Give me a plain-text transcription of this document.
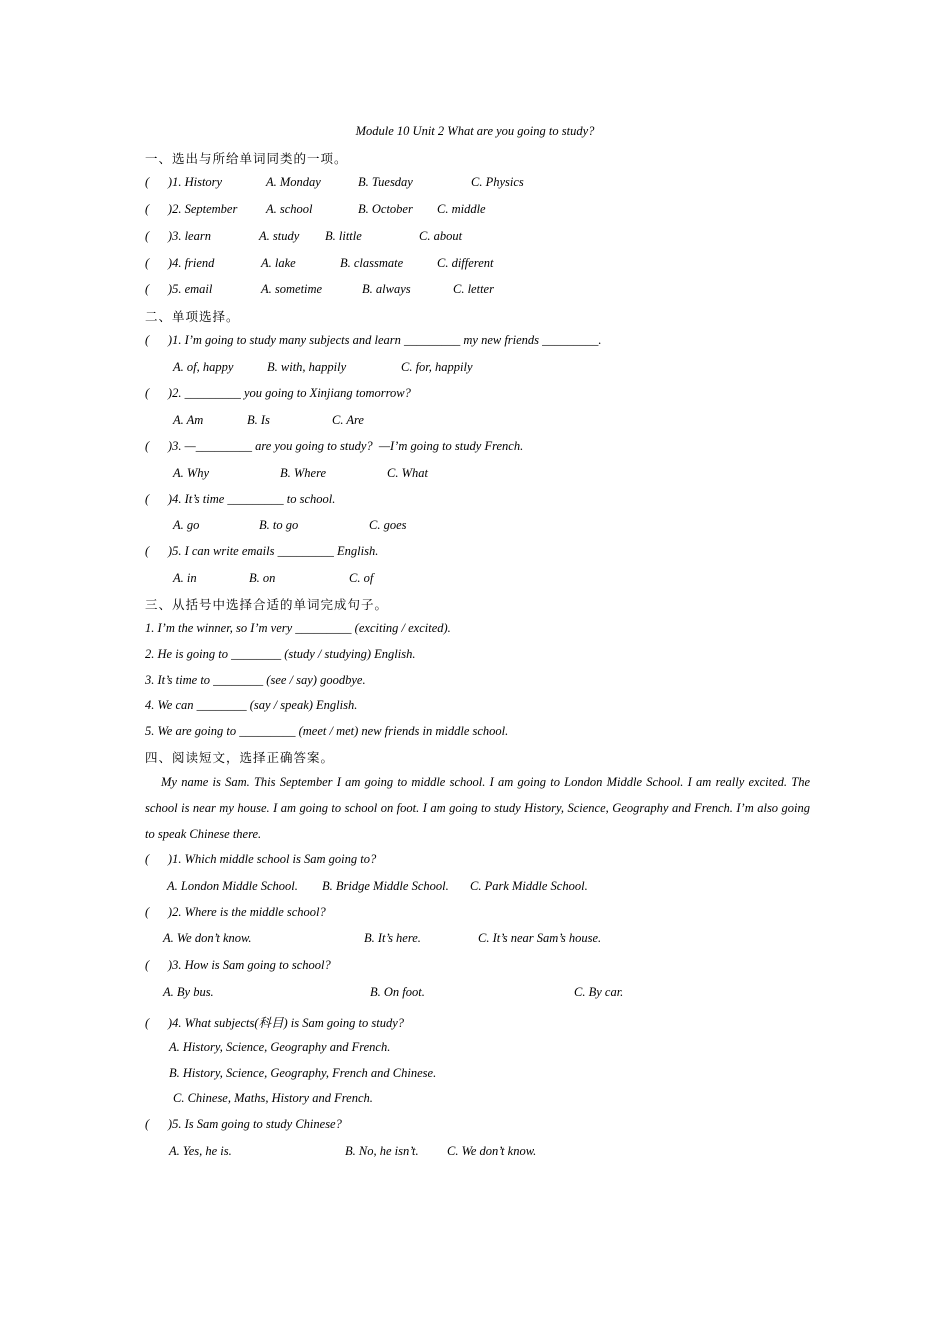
Module 10 Unit 2 What are you going to study?
一、选出与所给单词同类的一项。
(      )1. History	A. Monday	B. Tuesday	C. Physics
(      )2. September A. school	B. October C. middle
(      )3. learn	A. study B. little	C. about
(      )4. friend	A. lake	B. classmate	C. different
(      )5. email	A. sometime	B. always	C. letter
二、单项选择。
(      )1. I’m going to study many subjects and learn _________ my new friends _________.
A. of, happy	B. with, happily	C. for, happily
(      )2. _________ you going to Xinjiang tomorrow?
A. Am	B. Is	C. Are
(      )3. —_________ are you going to study?  —I’m going to study French.
A. Why	B. Where	C. What
(      )4. It’s time _________ to school.
A. go	B. to go	C. goes
(      )5. I can write emails _________ English.
A. in	B. on	C. of
三、从括号中选择合适的单词完成句子。
1. I’m the winner, so I’m very _________ (exciting / excited).
2. He is going to ________ (study / studying) English.
3. It’s time to ________ (see / say) goodbye.
4. We can ________ (say / speak) English.
5. We are going to _________ (meet / met) new friends in middle school.
四、阅读短文，选择正确答案。
My name is Sam. This September I am going to middle school. I am going to London Middle School. I am really excited. The school is near my house. I am going to school on foot. I am going to study History, Science, Geography and French. I’m also going to speak Chinese there.
(      )1. Which middle school is Sam going to?
A. London Middle School. B. Bridge Middle School. C. Park Middle School.
(      )2. Where is the middle school?
A. We don’t know.	B. It’s here.	C. It’s near Sam’s house.
(      )3. How is Sam going to school?
A. By bus.	B. On foot.	C. By car.
(      )4. What subjects(科目) is Sam going to study?
A. History, Science, Geography and French.
B. History, Science, Geography, French and Chinese.
C. Chinese, Maths, History and French.
(      )5. Is Sam going to study Chinese?
A. Yes, he is.	B. No, he isn’t. C. We don’t know.
